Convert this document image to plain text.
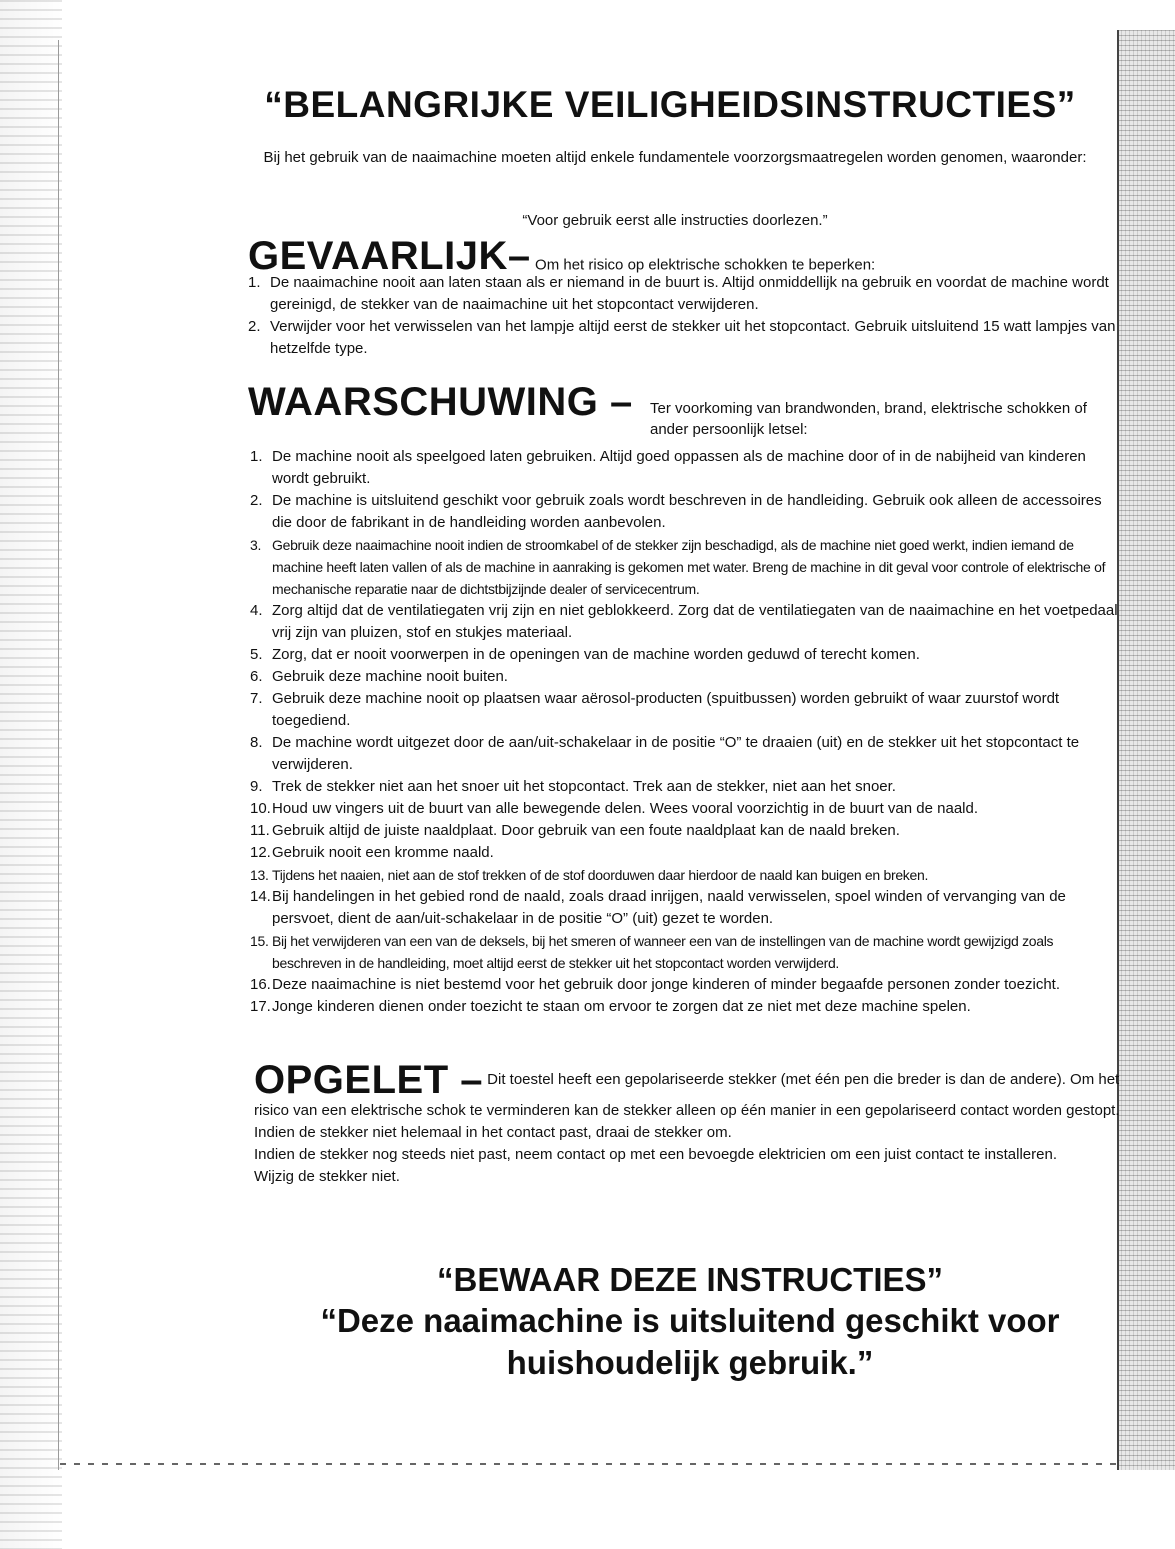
“BELANGRIJKE VEILIGHEIDSINSTRUCTIES”

Bij het gebruik van de naaimachine moeten altijd enkele fundamentele voorzorgsmaatregelen worden genomen, waaronder:

“Voor gebruik eerst alle instructies doorlezen.”

GEVAARLIJK– Om het risico op elektrische schokken te beperken:
1. De naaimachine nooit aan laten staan als er niemand in de buurt is. Altijd onmiddellijk na gebruik en voordat de machine wordt gereinigd, de stekker van de naaimachine uit het stopcontact verwijderen.
2. Verwijder voor het verwisselen van het lampje altijd eerst de stekker uit het stopcontact. Gebruik uitsluitend 15 watt lampjes van hetzelfde type.
WAARSCHUWING – Ter voorkoming van brandwonden, brand, elektrische schokken of ander persoonlijk letsel:

1. De machine nooit als speelgoed laten gebruiken. Altijd goed oppassen als de machine door of in de nabijheid van kinderen wordt gebruikt.
2. De machine is uitsluitend geschikt voor gebruik zoals wordt beschreven in de handleiding. Gebruik ook alleen de accessoires die door de fabrikant in de handleiding worden aanbevolen.
3. Gebruik deze naaimachine nooit indien de stroomkabel of de stekker zijn beschadigd, als de machine niet goed werkt, indien iemand de machine heeft laten vallen of als de machine in aanraking is gekomen met water. Breng de machine in dit geval voor controle of elektrische of mechanische reparatie naar de dichtstbijzijnde dealer of servicecentrum.
4. Zorg altijd dat de ventilatiegaten vrij zijn en niet geblokkeerd. Zorg dat de ventilatiegaten van de naaimachine en het voetpedaal vrij zijn van pluizen, stof en stukjes materiaal.
5. Zorg, dat er nooit voorwerpen in de openingen van de machine worden geduwd of terecht komen.
6. Gebruik deze machine nooit buiten.
7. Gebruik deze machine nooit op plaatsen waar aërosol-producten (spuitbussen) worden gebruikt of waar zuurstof wordt toegediend.
8. De machine wordt uitgezet door de aan/uit-schakelaar in de positie “O” te draaien (uit) en de stekker uit het stopcontact te verwijderen.
9. Trek de stekker niet aan het snoer uit het stopcontact. Trek aan de stekker, niet aan het snoer.
10. Houd uw vingers uit de buurt van alle bewegende delen. Wees vooral voorzichtig in de buurt van de naald.
11. Gebruik altijd de juiste naaldplaat. Door gebruik van een foute naaldplaat kan de naald breken.
12. Gebruik nooit een kromme naald.
13. Tijdens het naaien, niet aan de stof trekken of de stof doorduwen daar hierdoor de naald kan buigen en breken.
14. Bij handelingen in het gebied rond de naald, zoals draad inrijgen, naald verwisselen, spoel winden of vervanging van de persvoet, dient de aan/uit-schakelaar in de positie “O” (uit) gezet te worden.
15. Bij het verwijderen van een van de deksels, bij het smeren of wanneer een van de instellingen van de machine wordt gewijzigd zoals beschreven in de handleiding, moet altijd eerst de stekker uit het stopcontact worden verwijderd.
16. Deze naaimachine is niet bestemd voor het gebruik door jonge kinderen of minder begaafde personen zonder toezicht.
17. Jonge kinderen dienen onder toezicht te staan om ervoor te zorgen dat ze niet met deze machine spelen.
OPGELET – Dit toestel heeft een gepolariseerde stekker (met één pen die breder is dan de andere). Om het risico van een elektrische schok te verminderen kan de stekker alleen op één manier in een gepolariseerd contact worden gestopt.
Indien de stekker niet helemaal in het contact past, draai de stekker om.
Indien de stekker nog steeds niet past, neem contact op met een bevoegde elektricien om een juist contact te installeren.
Wijzig de stekker niet.

“BEWAAR DEZE INSTRUCTIES”

“Deze naaimachine is uitsluitend geschikt voor huishoudelijk gebruik.”
